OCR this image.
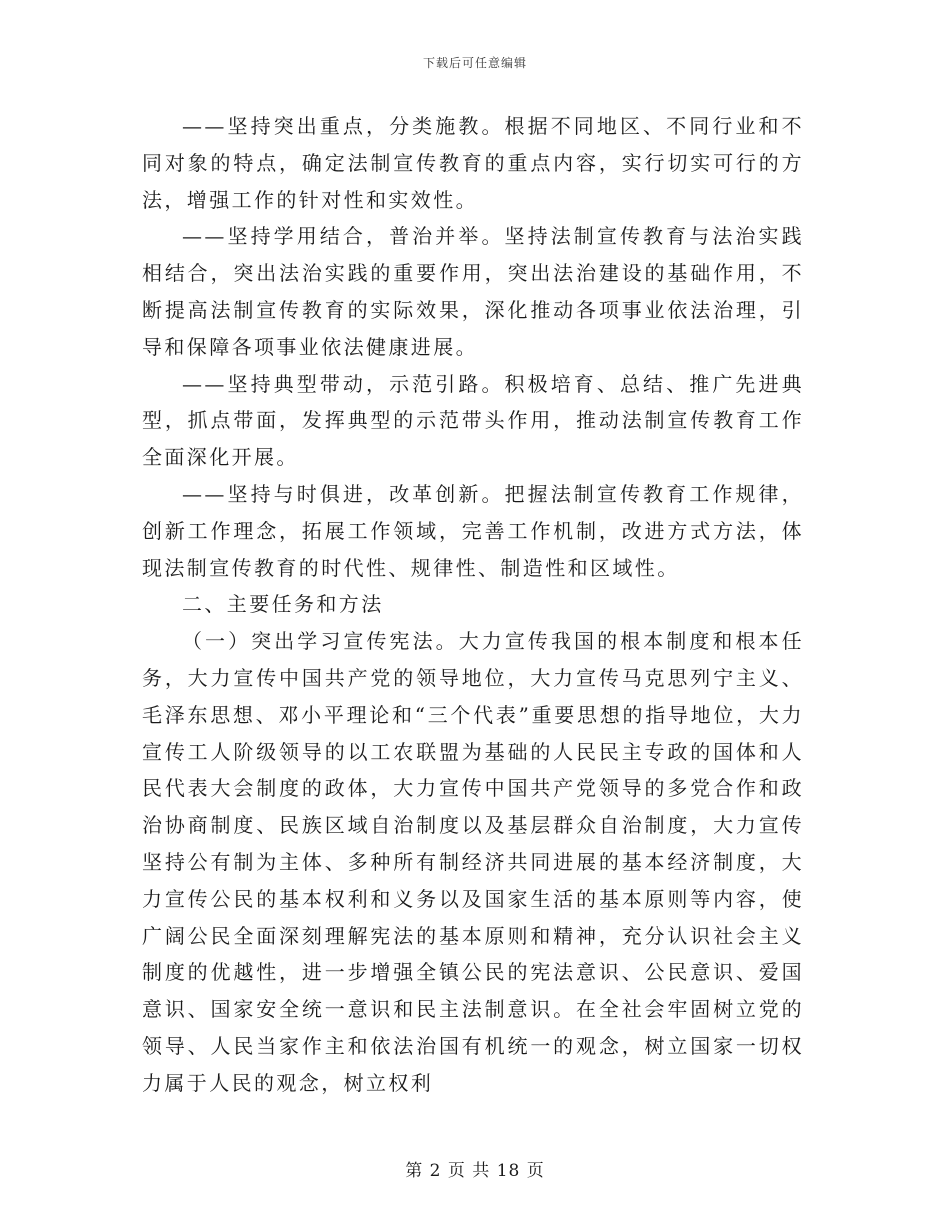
下载后可任意编辑

——坚持突出重点，分类施教。根据不同地区、不同行业和不同对象的特点，确定法制宣传教育的重点内容，实行切实可行的方法，增强工作的针对性和实效性。

——坚持学用结合，普治并举。坚持法制宣传教育与法治实践相结合，突出法治实践的重要作用，突出法治建设的基础作用，不断提高法制宣传教育的实际效果，深化推动各项事业依法治理，引导和保障各项事业依法健康进展。

——坚持典型带动，示范引路。积极培育、总结、推广先进典型，抓点带面，发挥典型的示范带头作用，推动法制宣传教育工作全面深化开展。

——坚持与时俱进，改革创新。把握法制宣传教育工作规律，创新工作理念，拓展工作领域，完善工作机制，改进方式方法，体现法制宣传教育的时代性、规律性、制造性和区域性。

二、主要任务和方法

（一）突出学习宣传宪法。大力宣传我国的根本制度和根本任务，大力宣传中国共产党的领导地位，大力宣传马克思列宁主义、毛泽东思想、邓小平理论和“三个代表”重要思想的指导地位，大力宣传工人阶级领导的以工农联盟为基础的人民民主专政的国体和人民代表大会制度的政体，大力宣传中国共产党领导的多党合作和政治协商制度、民族区域自治制度以及基层群众自治制度，大力宣传坚持公有制为主体、多种所有制经济共同进展的基本经济制度，大力宣传公民的基本权利和义务以及国家生活的基本原则等内容，使广阔公民全面深刻理解宪法的基本原则和精神，充分认识社会主义制度的优越性，进一步增强全镇公民的宪法意识、公民意识、爱国意识、国家安全统一意识和民主法制意识。在全社会牢固树立党的领导、人民当家作主和依法治国有机统一的观念，树立国家一切权力属于人民的观念，树立权利

第 2 页 共 18 页
